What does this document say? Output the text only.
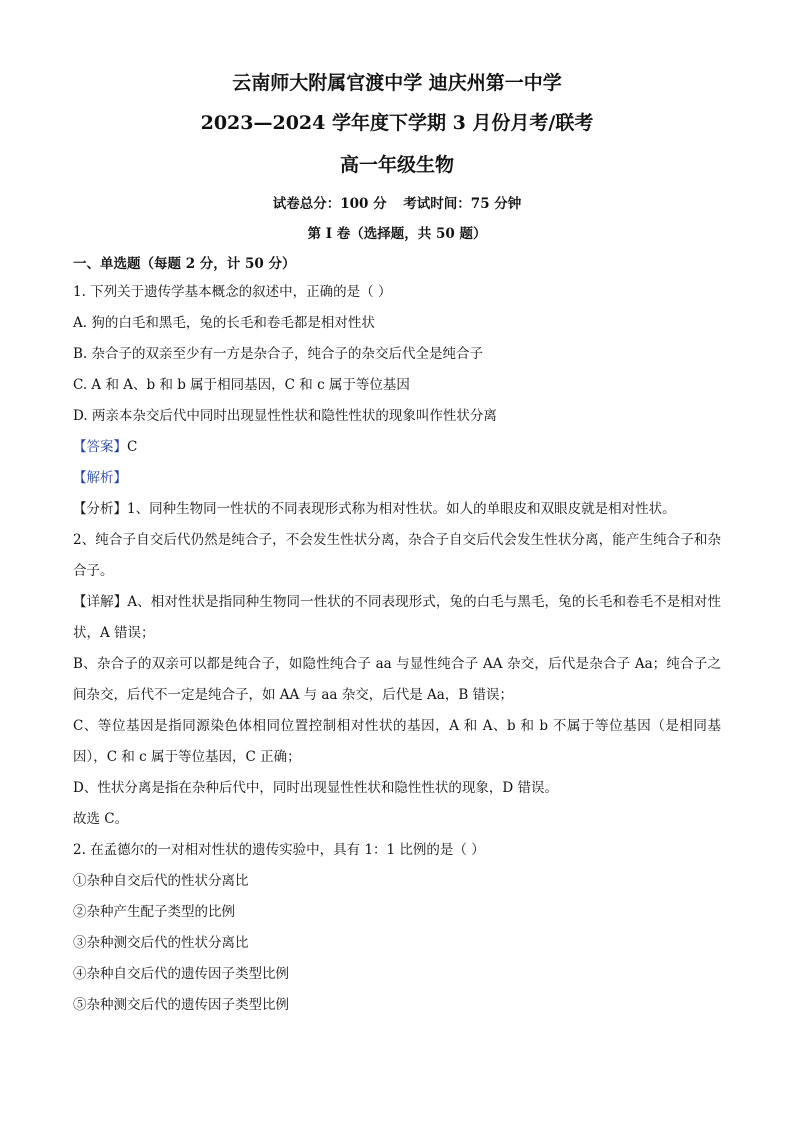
云南师大附属官渡中学 迪庆州第一中学
2023—2024 学年度下学期 3 月份月考/联考
高一年级生物
试卷总分：100 分 考试时间：75 分钟
第 I 卷（选择题，共 50 题）
一、单选题（每题 2 分，计 50 分）
1. 下列关于遗传学基本概念的叙述中，正确的是（ ）
A. 狗的白毛和黑毛，兔的长毛和卷毛都是相对性状
B. 杂合子的双亲至少有一方是杂合子，纯合子的杂交后代全是纯合子
C. A 和 A、b 和 b 属于相同基因，C 和 c 属于等位基因
D. 两亲本杂交后代中同时出现显性性状和隐性性状的现象叫作性状分离
【答案】C
【解析】
【分析】1、同种生物同一性状的不同表现形式称为相对性状。如人的单眼皮和双眼皮就是相对性状。
2、纯合子自交后代仍然是纯合子，不会发生性状分离，杂合子自交后代会发生性状分离，能产生纯合子和杂合子。
【详解】A、相对性状是指同种生物同一性状的不同表现形式，兔的白毛与黑毛，兔的长毛和卷毛不是相对性状，A 错误；
B、杂合子的双亲可以都是纯合子，如隐性纯合子 aa 与显性纯合子 AA 杂交，后代是杂合子 Aa；纯合子之间杂交，后代不一定是纯合子，如 AA 与 aa 杂交，后代是 Aa，B 错误；
C、等位基因是指同源染色体相同位置控制相对性状的基因，A 和 A、b 和 b 不属于等位基因（是相同基因），C 和 c 属于等位基因，C 正确；
D、性状分离是指在杂种后代中，同时出现显性性状和隐性性状的现象，D 错误。
故选 C。
2. 在孟德尔的一对相对性状的遗传实验中，具有 1：1 比例的是（ ）
①杂种自交后代的性状分离比
②杂种产生配子类型的比例
③杂种测交后代的性状分离比
④杂种自交后代的遗传因子类型比例
⑤杂种测交后代的遗传因子类型比例
